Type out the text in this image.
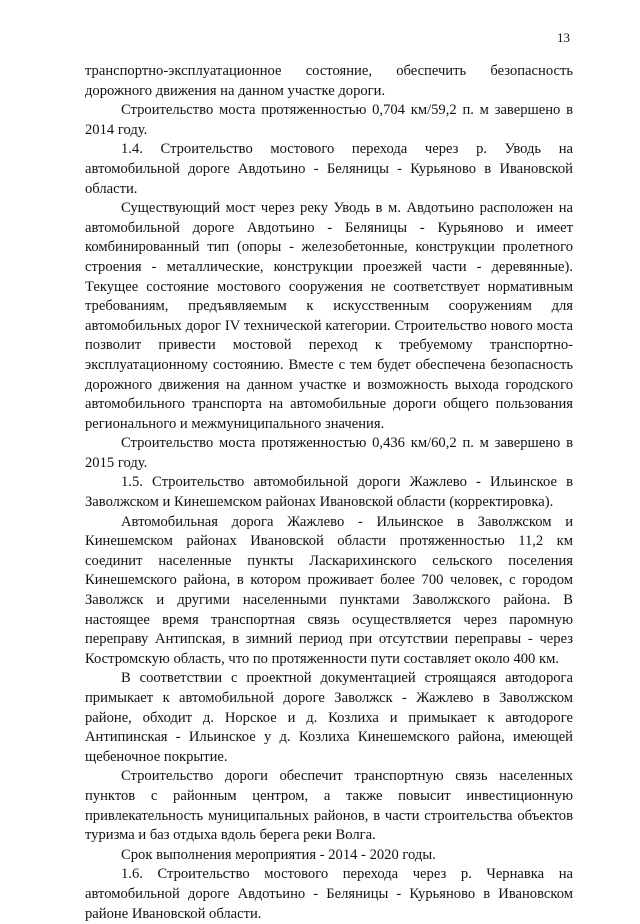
13

транспортно-эксплуатационное состояние, обеспечить безопасность дорожного движения на данном участке дороги.

Строительство моста протяженностью 0,704 км/59,2 п. м завершено в 2014 году.

1.4. Строительство мостового перехода через р. Уводь на автомобильной дороге Авдотьино - Беляницы - Курьяново в Ивановской области.

Существующий мост через реку Уводь в м. Авдотьино расположен на автомобильной дороге Авдотьино - Беляницы - Курьяново и имеет комбинированный тип (опоры - железобетонные, конструкции пролетного строения - металлические, конструкции проезжей части - деревянные). Текущее состояние мостового сооружения не соответствует нормативным требованиям, предъявляемым к искусственным сооружениям для автомобильных дорог IV технической категории. Строительство нового моста позволит привести мостовой переход к требуемому транспортно-эксплуатационному состоянию. Вместе с тем будет обеспечена безопасность дорожного движения на данном участке и возможность выхода городского автомобильного транспорта на автомобильные дороги общего пользования регионального и межмуниципального значения.

Строительство моста протяженностью 0,436 км/60,2 п. м завершено в 2015 году.

1.5. Строительство автомобильной дороги Жажлево - Ильинское в Заволжском и Кинешемском районах Ивановской области (корректировка).

Автомобильная дорога Жажлево - Ильинское в Заволжском и Кинешемском районах Ивановской области протяженностью 11,2 км соединит населенные пункты Ласкарихинского сельского поселения Кинешемского района, в котором проживает более 700 человек, с городом Заволжск и другими населенными пунктами Заволжского района. В настоящее время транспортная связь осуществляется через паромную переправу Антипская, в зимний период при отсутствии переправы - через Костромскую область, что по протяженности пути составляет около 400 км.

В соответствии с проектной документацией строящаяся автодорога примыкает к автомобильной дороге Заволжск - Жажлево в Заволжском районе, обходит д. Норское и д. Козлиха и примыкает к автодороге Антипинская - Ильинское у д. Козлиха Кинешемского района, имеющей щебеночное покрытие.

Строительство дороги обеспечит транспортную связь населенных пунктов с районным центром, а также повысит инвестиционную привлекательность муниципальных районов, в части строительства объектов туризма и баз отдыха вдоль берега реки Волга.

Срок выполнения мероприятия - 2014 - 2020 годы.

1.6. Строительство мостового перехода через р. Чернавка на автомобильной дороге Авдотьино - Беляницы - Курьяново в Ивановском районе Ивановской области.
